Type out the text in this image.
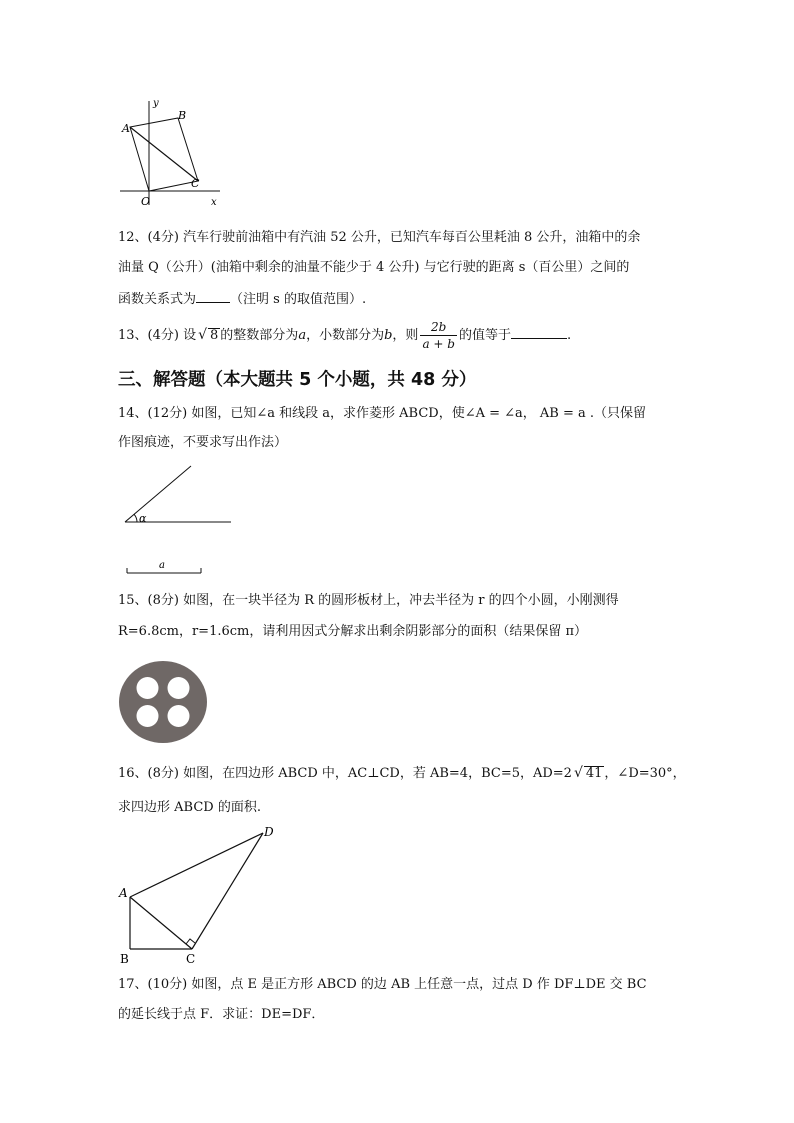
y
A
B
C
O	x
12、(4分) 汽车行驶前油箱中有汽油 52 公升，已知汽车每百公里耗油 8 公升，油箱中的余
油量 Q（公升）(油箱中剩余的油量不能少于 4 公升) 与它行驶的距离 s（百公里）之间的
函数关系式为	（注明 s 的取值范围）.
13、(4分) 设 √ 8 的整数部分为a，小数部分为b，则 $\frac{2b}{a + b}$ 的值等于	.
三、解答题（本大题共 5 个小题，共 48 分）
14、(12分) 如图，已知∠a 和线段 a，求作菱形 ABCD，使∠A = ∠a， AB = a .（只保留
作图痕迹，不要求写出作法）
α
a
15、(8分) 如图，在一块半径为 R 的圆形板材上，冲去半径为 r 的四个小圆，小刚测得
R=6.8cm，r=1.6cm，请利用因式分解求出剩余阴影部分的面积（结果保留 π）
16、(8分) 如图，在四边形 ABCD 中，AC⊥CD，若 AB=4，BC=5，AD=2 √ 41 ，∠D=30°，
求四边形 ABCD 的面积.
A
B	C
D
17、(10分) 如图，点 E 是正方形 ABCD 的边 AB 上任意一点，过点 D 作 DF⊥DE 交 BC
的延长线于点 F．求证：DE=DF．
